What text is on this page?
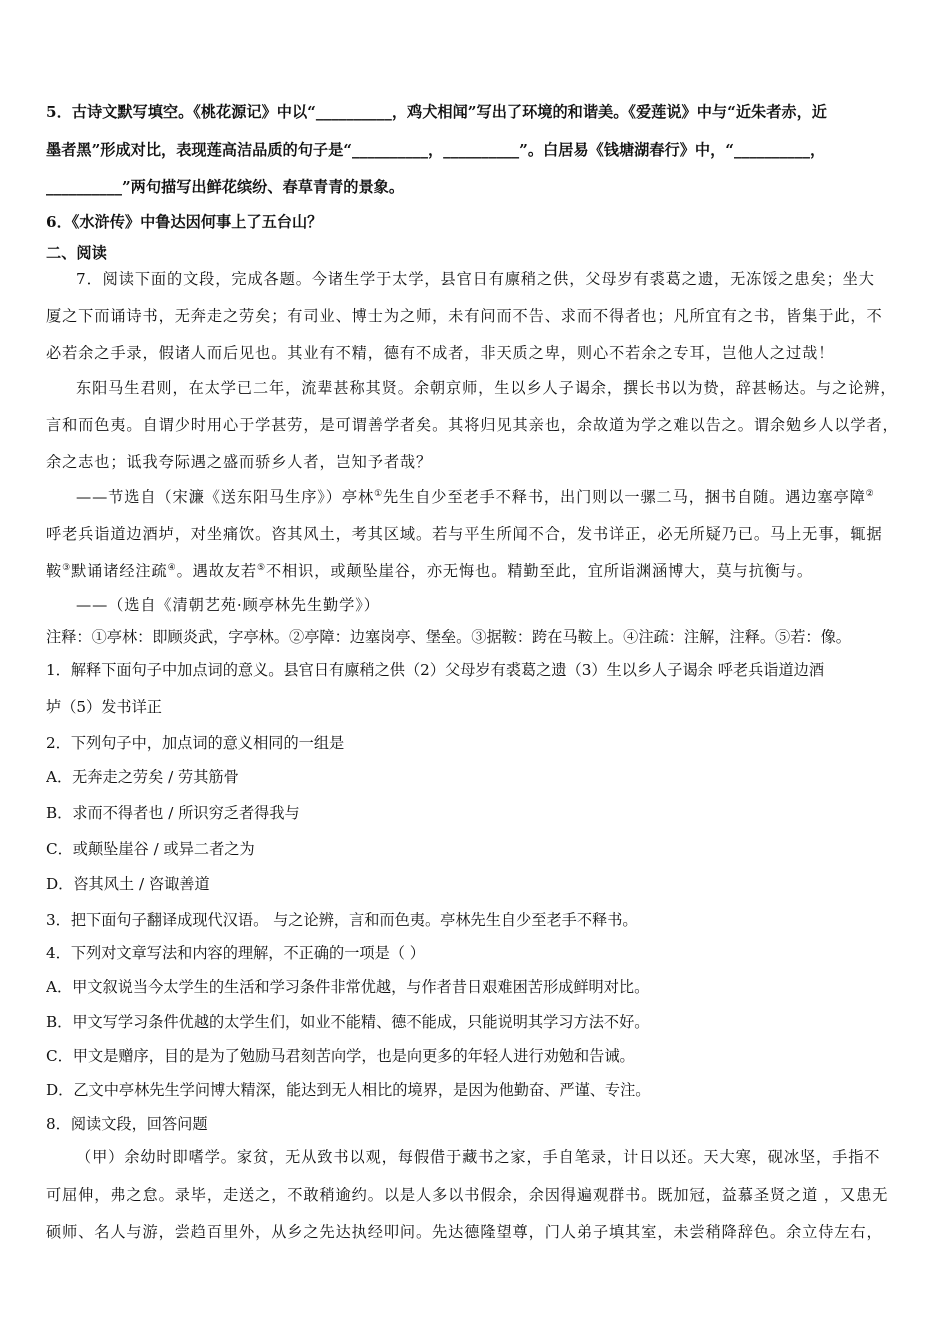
5．古诗文默写填空。《桃花源记》中以“__________，鸡犬相闻”写出了环境的和谐美。《爱莲说》中与“近朱者赤，近
墨者黑”形成对比，表现莲高洁品质的句子是“__________，__________”。白居易《钱塘湖春行》中，“__________，
__________”两句描写出鲜花缤纷、春草青青的景象。
6．《水浒传》中鲁达因何事上了五台山？
二、阅读
7．阅读下面的文段，完成各题。今诸生学于太学，县官日有廪稍之供，父母岁有裘葛之遗，无冻馁之患矣；坐大
厦之下而诵诗书，无奔走之劳矣；有司业、博士为之师，未有问而不告、求而不得者也；凡所宜有之书，皆集于此，不
必若余之手录，假诸人而后见也。其业有不精，德有不成者，非天质之卑，则心不若余之专耳，岂他人之过哉！
东阳马生君则，在太学已二年，流辈甚称其贤。余朝京师，生以乡人子谒余，撰长书以为贽，辞甚畅达。与之论辨，
言和而色夷。自谓少时用心于学甚劳，是可谓善学者矣。其将归见其亲也，余故道为学之难以告之。谓余勉乡人以学者，
余之志也；诋我夸际遇之盛而骄乡人者，岂知予者哉？
——节选自（宋濂《送东阳马生序》）亭林①先生自少至老手不释书，出门则以一骡二马，捆书自随。遇边塞亭障②
呼老兵诣道边酒垆，对坐痛饮。咨其风土，考其区域。若与平生所闻不合，发书详正，必无所疑乃已。马上无事，辄据
鞍③默诵诸经注疏④。遇故友若⑤不相识，或颠坠崖谷，亦无悔也。精勤至此，宜所诣渊涵博大，莫与抗衡与。
——（选自《清朝艺苑·顾亭林先生勤学》）
注释：①亭林：即顾炎武，字亭林。②亭障：边塞岗亭、堡垒。③据鞍：跨在马鞍上。④注疏：注解，注释。⑤若：像。
1．解释下面句子中加点词的意义。县官日有廪稍之供（2）父母岁有裘葛之遗（3）生以乡人子谒余 呼老兵诣道边酒
垆（5）发书详正
2．下列句子中，加点词的意义相同的一组是
A．无奔走之劳矣 / 劳其筋骨
B．求而不得者也 / 所识穷乏者得我与
C．或颠坠崖谷 / 或异二者之为
D．咨其风土 / 咨诹善道
3．把下面句子翻译成现代汉语。 与之论辨，言和而色夷。亭林先生自少至老手不释书。
4．下列对文章写法和内容的理解，不正确的一项是（ ）
A．甲文叙说当今太学生的生活和学习条件非常优越，与作者昔日艰难困苦形成鲜明对比。
B．甲文写学习条件优越的太学生们，如业不能精、德不能成，只能说明其学习方法不好。
C．甲文是赠序，目的是为了勉励马君刻苦向学，也是向更多的年轻人进行劝勉和告诫。
D．乙文中亭林先生学问博大精深，能达到无人相比的境界，是因为他勤奋、严谨、专注。
8．阅读文段，回答问题
（甲）余幼时即嗜学。家贫，无从致书以观，每假借于藏书之家，手自笔录，计日以还。天大寒，砚冰坚，手指不
可屈伸，弗之怠。录毕，走送之，不敢稍逾约。以是人多以书假余，余因得遍观群书。既加冠，益慕圣贤之道 ，又患无
硕师、名人与游，尝趋百里外，从乡之先达执经叩问。先达德隆望尊，门人弟子填其室，未尝稍降辞色。余立侍左右，
